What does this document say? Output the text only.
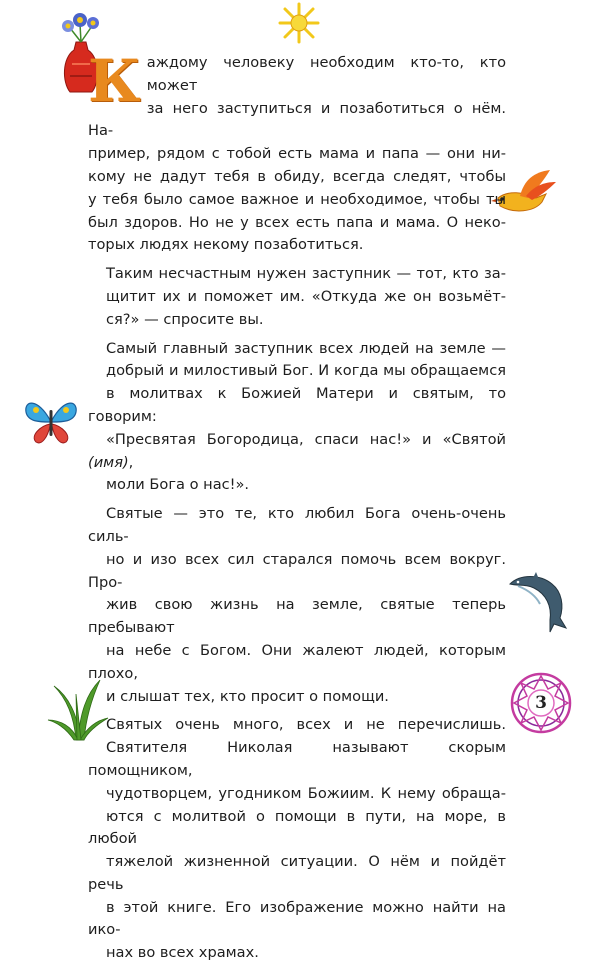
К аждому человеку необходим кто-то, кто может
за него заступиться и позаботиться о нём. На-
пример, рядом с тобой есть мама и папа — они ни-
кому не дадут тебя в обиду, всегда следят, чтобы
у тебя было самое важное и необходимое, чтобы ты
был здоров. Но не у всех есть папа и мама. О неко-
торых людях некому позаботиться.

Таким несчастным нужен заступник — тот, кто за-
щитит их и поможет им. «Откуда же он возьмёт-
ся?» — спросите вы.

Самый главный заступник всех людей на земле —
добрый и милостивый Бог. И когда мы обращаемся
в молитвах к Божией Матери и святым, то говорим:
«Пресвятая Богородица, спаси нас!» и «Святой (имя),
моли Бога о нас!».

Святые — это те, кто любил Бога очень-очень силь-
но и изо всех сил старался помочь всем вокруг. Про-
жив свою жизнь на земле, святые теперь пребывают
на небе с Богом. Они жалеют людей, которым плохо,
и слышат тех, кто просит о помощи.

Святых очень много, всех и не перечислишь.
Святителя Николая называют скорым помощником,
чудотворцем, угодником Божиим. К нему обраща-
ются с молитвой о помощи в пути, на море, в любой
тяжелой жизненной ситуации. О нём и пойдёт речь
в этой книге. Его изображение можно найти на ико-
нах во всех храмах.

3
